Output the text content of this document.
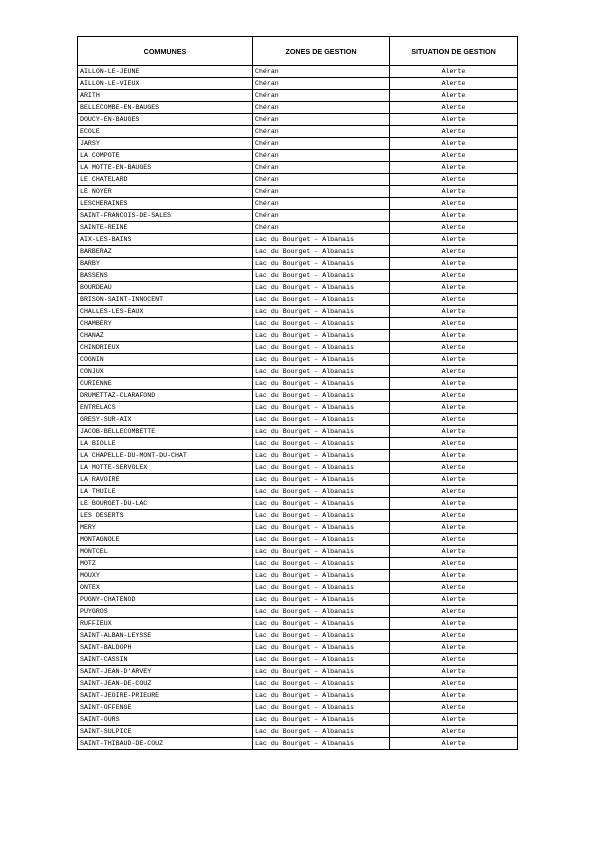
COMMUNES	ZONES DE GESTION	SITUATION DE GESTION
AILLON-LE-JEUNE	Chéran	Alerte
AILLON-LE-VIEUX	Chéran	Alerte
ARITH	Chéran	Alerte
BELLECOMBE-EN-BAUGES	Chéran	Alerte
DOUCY-EN-BAUGES	Chéran	Alerte
ECOLE	Chéran	Alerte
JARSY	Chéran	Alerte
LA COMPOTE	Chéran	Alerte
LA MOTTE-EN-BAUGES	Chéran	Alerte
LE CHATELARD	Chéran	Alerte
LE NOYER	Chéran	Alerte
LESCHERAINES	Chéran	Alerte
SAINT-FRANCOIS-DE-SALES	Chéran	Alerte
SAINTE-REINE	Chéran	Alerte
AIX-LES-BAINS	Lac du Bourget - Albanais	Alerte
BARBERAZ	Lac du Bourget - Albanais	Alerte
BARBY	Lac du Bourget - Albanais	Alerte
BASSENS	Lac du Bourget - Albanais	Alerte
BOURDEAU	Lac du Bourget - Albanais	Alerte
BRISON-SAINT-INNOCENT	Lac du Bourget - Albanais	Alerte
CHALLES-LES-EAUX	Lac du Bourget - Albanais	Alerte
CHAMBERY	Lac du Bourget - Albanais	Alerte
CHANAZ	Lac du Bourget - Albanais	Alerte
CHINDRIEUX	Lac du Bourget - Albanais	Alerte
COGNIN	Lac du Bourget - Albanais	Alerte
CONJUX	Lac du Bourget - Albanais	Alerte
CURIENNE	Lac du Bourget - Albanais	Alerte
DRUMETTAZ-CLARAFOND	Lac du Bourget - Albanais	Alerte
ENTRELACS	Lac du Bourget - Albanais	Alerte
GRESY-SUR-AIX	Lac du Bourget - Albanais	Alerte
JACOB-BELLECOMBETTE	Lac du Bourget - Albanais	Alerte
LA BIOLLE	Lac du Bourget - Albanais	Alerte
LA CHAPELLE-DU-MONT-DU-CHAT	Lac du Bourget - Albanais	Alerte
LA MOTTE-SERVOLEX	Lac du Bourget - Albanais	Alerte
LA RAVOIRE	Lac du Bourget - Albanais	Alerte
LA THUILE	Lac du Bourget - Albanais	Alerte
LE BOURGET-DU-LAC	Lac du Bourget - Albanais	Alerte
LES DESERTS	Lac du Bourget - Albanais	Alerte
MERY	Lac du Bourget - Albanais	Alerte
MONTAGNOLE	Lac du Bourget - Albanais	Alerte
MONTCEL	Lac du Bourget - Albanais	Alerte
MOTZ	Lac du Bourget - Albanais	Alerte
MOUXY	Lac du Bourget - Albanais	Alerte
ONTEX	Lac du Bourget - Albanais	Alerte
PUGNY-CHATENOD	Lac du Bourget - Albanais	Alerte
PUYGROS	Lac du Bourget - Albanais	Alerte
RUFFIEUX	Lac du Bourget - Albanais	Alerte
SAINT-ALBAN-LEYSSE	Lac du Bourget - Albanais	Alerte
SAINT-BALDOPH	Lac du Bourget - Albanais	Alerte
SAINT-CASSIN	Lac du Bourget - Albanais	Alerte
SAINT-JEAN-D'ARVEY	Lac du Bourget - Albanais	Alerte
SAINT-JEAN-DE-COUZ	Lac du Bourget - Albanais	Alerte
SAINT-JEOIRE-PRIEURE	Lac du Bourget - Albanais	Alerte
SAINT-OFFENGE	Lac du Bourget - Albanais	Alerte
SAINT-OURS	Lac du Bourget - Albanais	Alerte
SAINT-SULPICE	Lac du Bourget - Albanais	Alerte
SAINT-THIBAUD-DE-COUZ	Lac du Bourget - Albanais	Alerte
